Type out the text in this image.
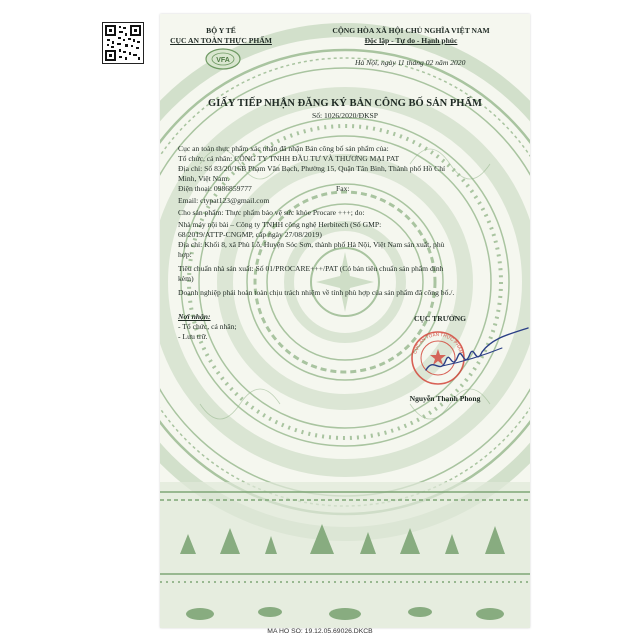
BỘ Y TẾ
CỤC AN TOÀN THỰC PHẨM
CỘNG HÒA XÃ HỘI CHỦ NGHĨA VIỆT NAM
Độc lập - Tự do - Hạnh phúc
VFA	Hà Nội, ngày 11 tháng 02 năm 2020
GIẤY TIẾP NHẬN ĐĂNG KÝ BẢN CÔNG BỐ SẢN PHẨM
Số: 1026/2020/ĐKSP
Cục an toàn thực phẩm xác nhận đã nhận Bản công bố sản phẩm của:
Tổ chức, cá nhân: CÔNG TY TNHH ĐẦU TƯ VÀ THƯƠNG MẠI PAT
Địa chỉ: Số 83/20/16B Phạm Văn Bạch, Phường 15, Quận Tân Bình, Thành phố Hồ Chí
Minh, Việt Nam.
Điện thoại: 0986859777	Fax:
Email: ctypat123@gmail.com
Cho sản phẩm: Thực phẩm bảo vệ sức khỏe Procare +++; do:
Nhà máy nội bài – Công ty TNHH công nghệ Herbitech (Số GMP:
68/2019/ATTP-CNGMP, cấp ngày 27/08/2019)
Địa chỉ: Khối 8, xã Phù Lỗ, Huyện Sóc Sơn, thành phố Hà Nội, Việt Nam sản xuất, phù
hợp:
Tiêu chuẩn nhà sản xuất: Số 01/PROCARE+++/PAT (Có bản tiêu chuẩn sản phẩm đính
kèm)
Doanh nghiệp phải hoàn toàn chịu trách nhiệm về tính phù hợp của sản phẩm đã công bố./.
Nơi nhận:
- Tổ chức, cá nhân;
- Lưu trữ.
CỤC TRƯỞNG
CỤC AN TOÀN THỰC PHẨM
Nguyễn Thanh Phong
MA HO SO: 19.12.05.69026.DKCB
